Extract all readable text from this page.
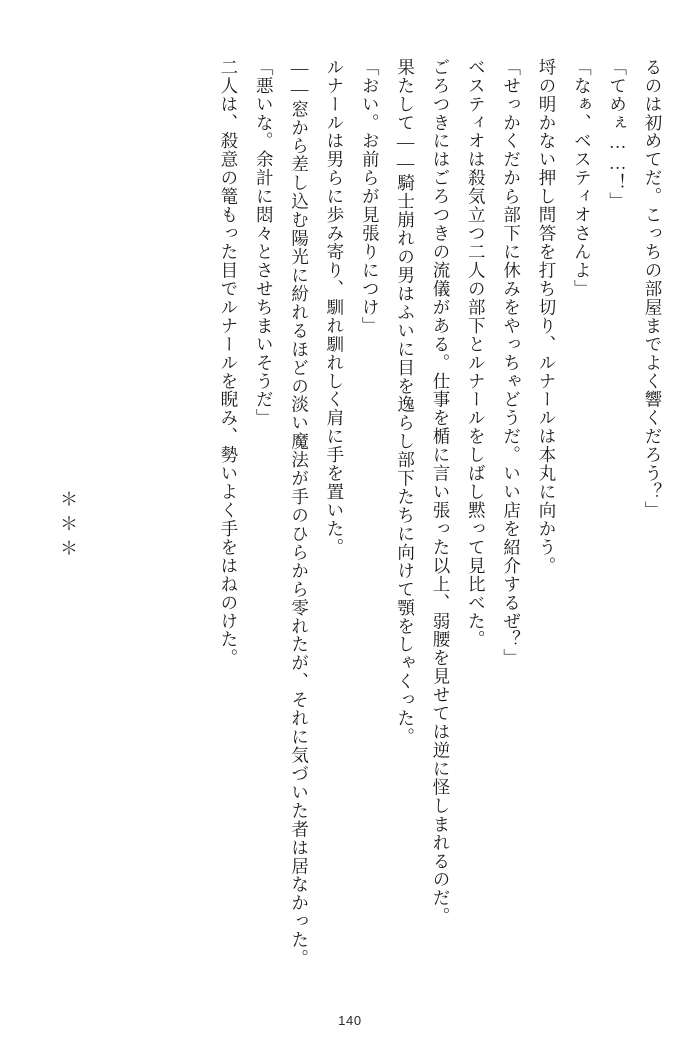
るのは初めてだ。こっちの部屋までよく響くだろう？」

「てめぇ……！」

「なぁ、ベスティオさんよ」

埒の明かない押し問答を打ち切り、ルナールは本丸に向かう。

「せっかくだから部下に休みをやっちゃどうだ。いい店を紹介するぜ？」

ベスティオは殺気立つ二人の部下とルナールをしばし黙って見比べた。

ごろつきにはごろつきの流儀がある。仕事を楯に言い張った以上、弱腰を見せては逆に怪しまれるのだ。

果たして——騎士崩れの男はふいに目を逸らし部下たちに向けて顎をしゃくった。

「おい。お前らが見張りにつけ」

ルナールは男らに歩み寄り、馴れ馴れしく肩に手を置いた。

——窓から差し込む陽光に紛れるほどの淡い魔法が手のひらから零れたが、それに気づいた者は居なかった。

「悪いな。余計に悶々とさせちまいそうだ」

二人は、殺意の篭もった目でルナールを睨み、勢いよく手をはねのけた。

＊＊＊
140
